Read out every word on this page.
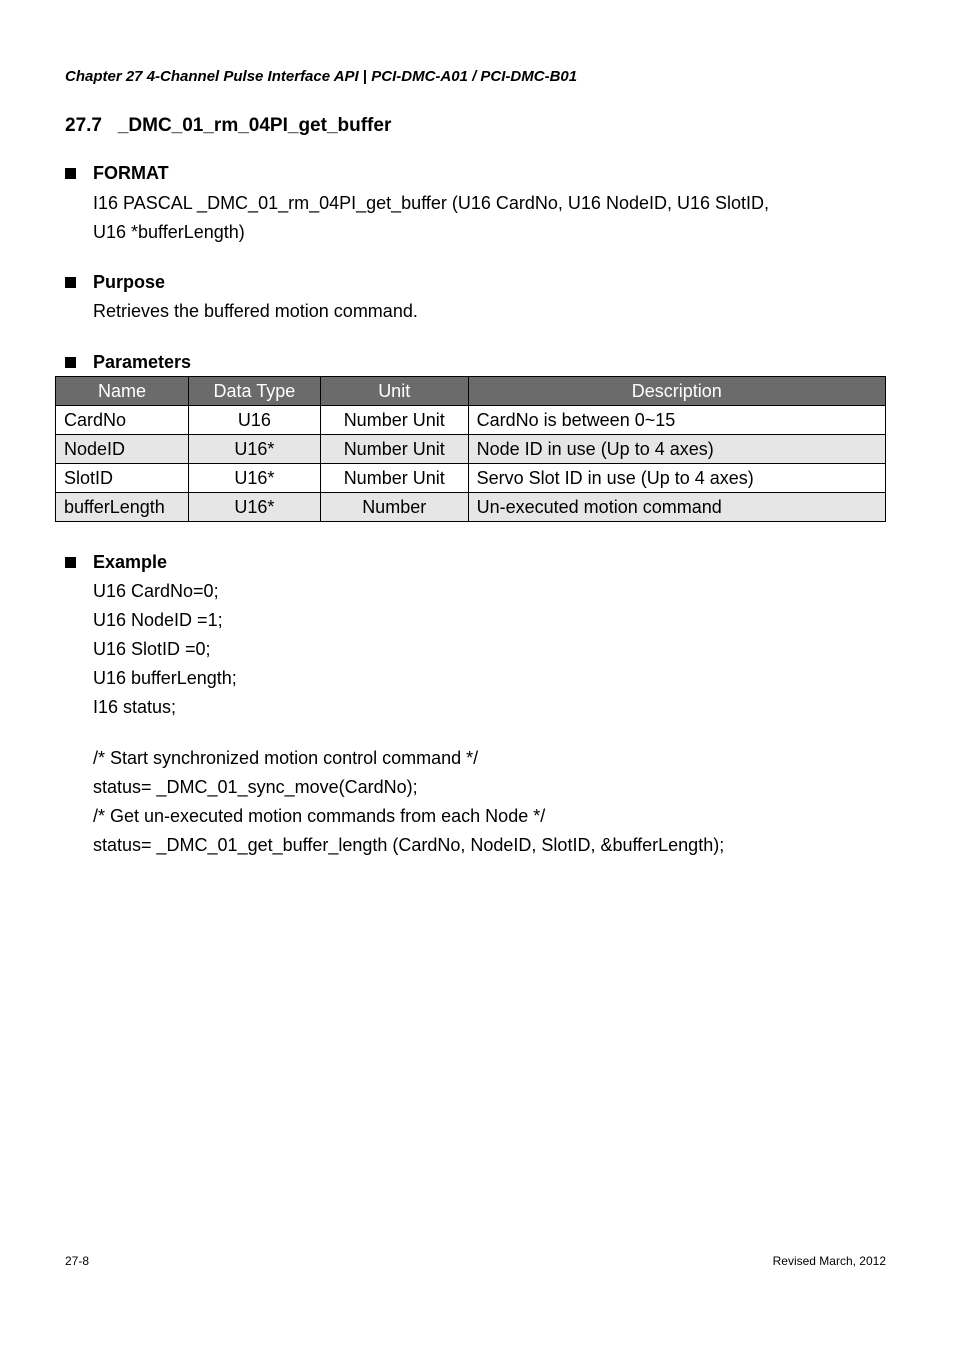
Chapter 27 4-Channel Pulse Interface API | PCI-DMC-A01 / PCI-DMC-B01
27.7 _DMC_01_rm_04PI_get_buffer
FORMAT
I16 PASCAL _DMC_01_rm_04PI_get_buffer (U16 CardNo, U16 NodeID, U16 SlotID,
U16 *bufferLength)
Purpose
Retrieves the buffered motion command.
Parameters
Name	Data Type	Unit	Description
CardNo	U16	Number Unit	CardNo is between 0~15
NodeID	U16*	Number Unit	Node ID in use (Up to 4 axes)
SlotID	U16*	Number Unit	Servo Slot ID in use (Up to 4 axes)
bufferLength	U16*	Number	Un-executed motion command
Example
U16 CardNo=0;
U16 NodeID =1;
U16 SlotID =0;
U16 bufferLength;
I16 status;
/* Start synchronized motion control command */
status= _DMC_01_sync_move(CardNo);
/* Get un-executed motion commands from each Node */
status= _DMC_01_get_buffer_length (CardNo, NodeID, SlotID, &bufferLength);
27-8	Revised March, 2012
